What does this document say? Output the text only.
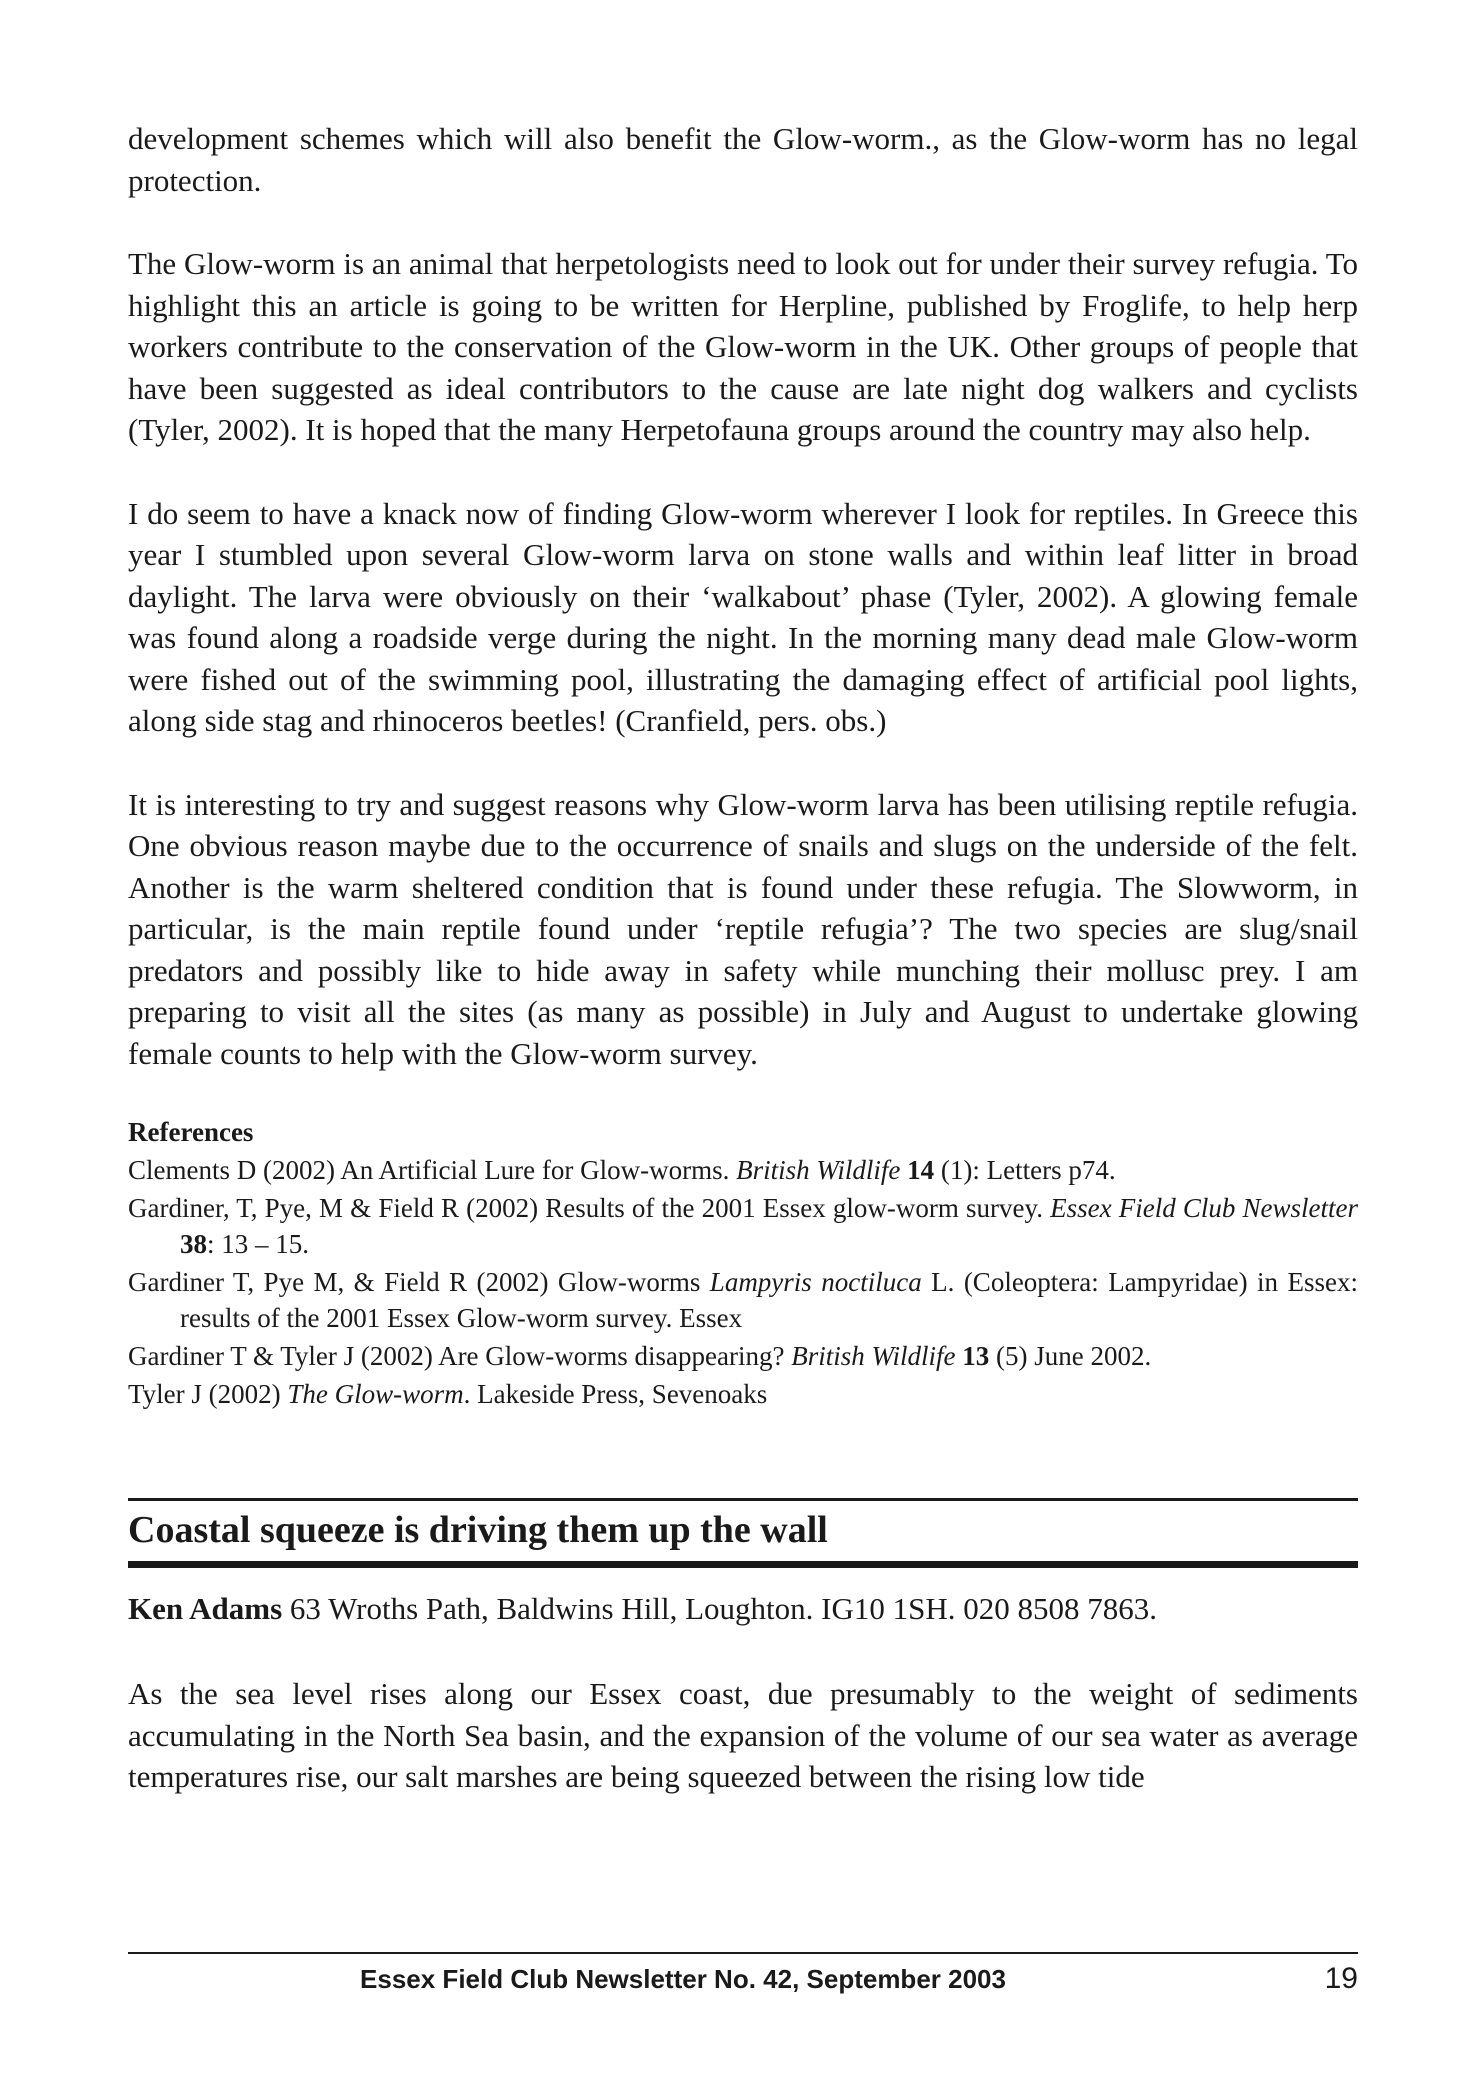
development schemes which will also benefit the Glow-worm., as the Glow-worm has no legal protection.

The Glow-worm is an animal that herpetologists need to look out for under their survey refugia. To highlight this an article is going to be written for Herpline, published by Froglife, to help herp workers contribute to the conservation of the Glow-worm in the UK. Other groups of people that have been suggested as ideal contributors to the cause are late night dog walkers and cyclists (Tyler, 2002). It is hoped that the many Herpetofauna groups around the country may also help.

I do seem to have a knack now of finding Glow-worm wherever I look for reptiles. In Greece this year I stumbled upon several Glow-worm larva on stone walls and within leaf litter in broad daylight. The larva were obviously on their ‘walkabout’ phase (Tyler, 2002). A glowing female was found along a roadside verge during the night. In the morning many dead male Glow-worm were fished out of the swimming pool, illustrating the damaging effect of artificial pool lights, along side stag and rhinoceros beetles! (Cranfield, pers. obs.)

It is interesting to try and suggest reasons why Glow-worm larva has been utilising reptile refugia. One obvious reason maybe due to the occurrence of snails and slugs on the underside of the felt. Another is the warm sheltered condition that is found under these refugia. The Slowworm, in particular, is the main reptile found under ‘reptile refugia’? The two species are slug/snail predators and possibly like to hide away in safety while munching their mollusc prey. I am preparing to visit all the sites (as many as possible) in July and August to undertake glowing female counts to help with the Glow-worm survey.

References

Clements D (2002) An Artificial Lure for Glow-worms. British Wildlife 14 (1): Letters p74.

Gardiner, T, Pye, M & Field R (2002) Results of the 2001 Essex glow-worm survey. Essex Field Club Newsletter 38: 13 – 15.

Gardiner T, Pye M, & Field R (2002) Glow-worms Lampyris noctiluca L. (Coleoptera: Lampyridae) in Essex: results of the 2001 Essex Glow-worm survey. Essex

Gardiner T & Tyler J (2002) Are Glow-worms disappearing? British Wildlife 13 (5) June 2002.

Tyler J (2002) The Glow-worm. Lakeside Press, Sevenoaks

Coastal squeeze is driving them up the wall

Ken Adams 63 Wroths Path, Baldwins Hill, Loughton. IG10 1SH. 020 8508 7863.

As the sea level rises along our Essex coast, due presumably to the weight of sediments accumulating in the North Sea basin, and the expansion of the volume of our sea water as average temperatures rise, our salt marshes are being squeezed between the rising low tide

Essex Field Club Newsletter No. 42, September 2003	19
